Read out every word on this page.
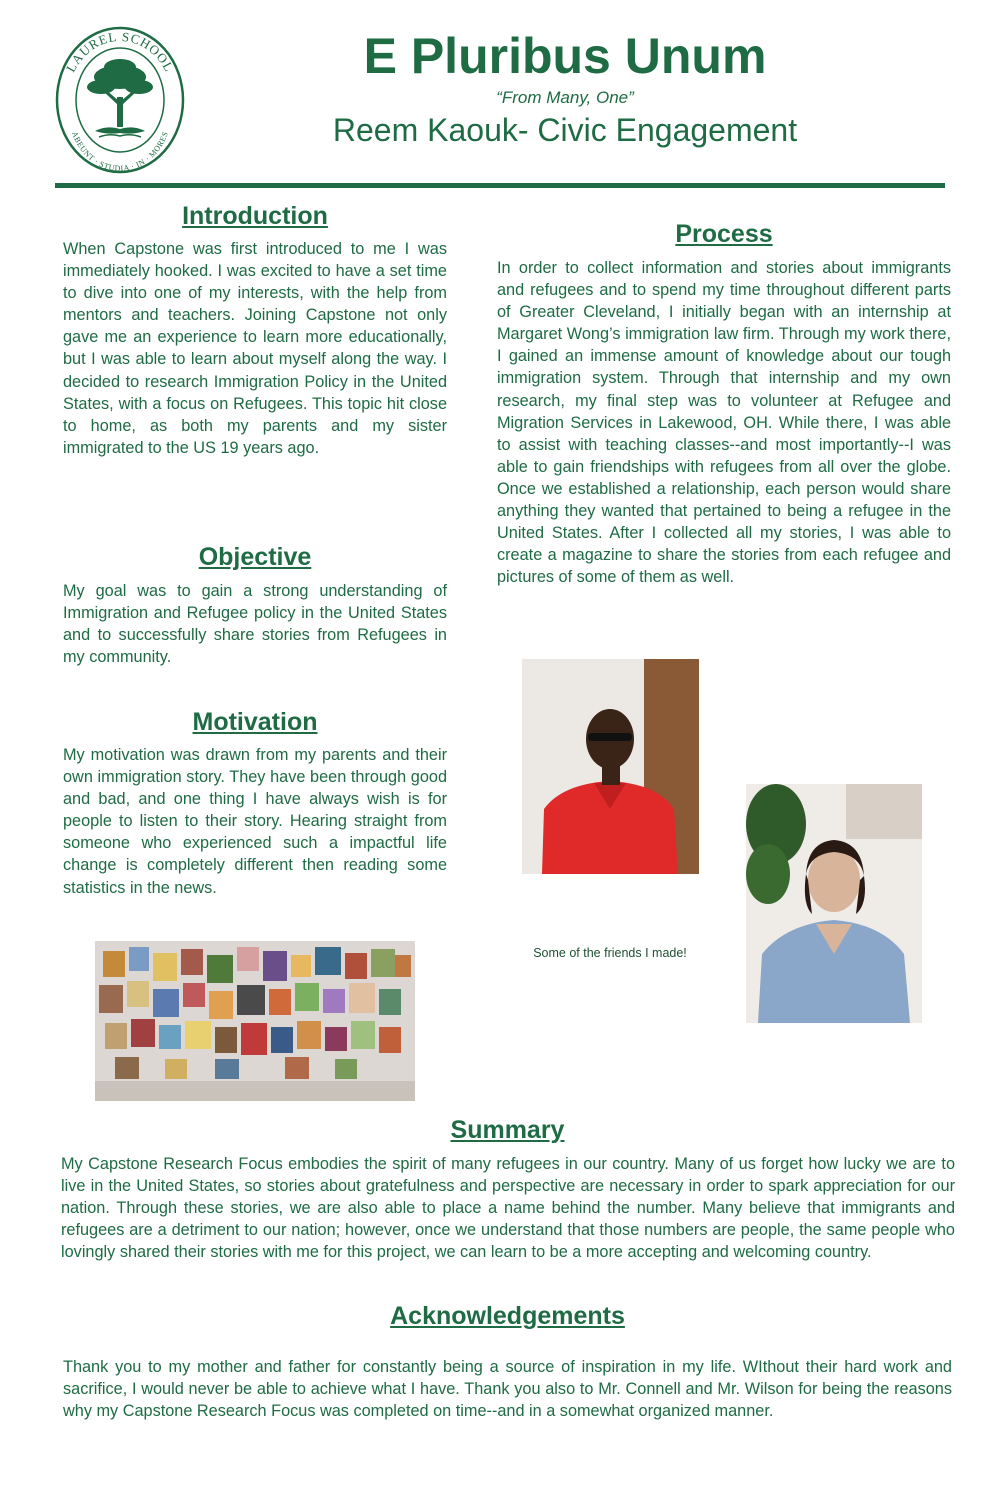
LAUREL SCHOOL
ABEUNT · STUDIA · IN · MORES
E Pluribus Unum
“From Many, One”
Reem Kaouk- Civic Engagement
Introduction

When Capstone was first introduced to me I was immediately hooked. I was excited to have a set time to dive into one of my interests, with the help from mentors and teachers. Joining Capstone not only gave me an experience to learn more educationally, but I was able to learn about myself along the way. I decided to research Immigration Policy in the United States, with a focus on Refugees. This topic hit close to home, as both my parents and my sister immigrated to the US 19 years ago.

Objective

My goal was to gain a strong understanding of Immigration and Refugee policy in the United States and to successfully share stories from Refugees in my community.

Motivation

My motivation was drawn from my parents and their own immigration story. They have been through good and bad, and one thing I have always wish is for people to listen to their story. Hearing straight from someone who experienced such a impactful life change is completely different then reading some statistics in the news.

Process

In order to collect information and stories about immigrants and refugees and to spend my time throughout different parts of Greater Cleveland, I initially began with an internship at Margaret Wong’s immigration law firm. Through my work there, I gained an immense amount of knowledge about our tough immigration system. Through that internship and my own research, my final step was to volunteer at Refugee and Migration Services in Lakewood, OH. While there, I was able to assist with teaching classes--and most importantly--I was able to gain friendships with refugees from all over the globe. Once we established a relationship, each person would share anything they wanted that pertained to being a refugee in the United States. After I collected all my stories, I was able to create a magazine to share the stories from each refugee and pictures of some of them as well.

Some of the friends I made!
Summary

My Capstone Research Focus embodies the spirit of many refugees in our country. Many of us forget how lucky we are to live in the United States, so stories about gratefulness and perspective are necessary in order to spark appreciation for our nation. Through these stories, we are also able to place a name behind the number. Many believe that immigrants and refugees are a detriment to our nation; however, once we understand that those numbers are people, the same people who lovingly shared their stories with me for this project, we can learn to be a more accepting and welcoming country.

Acknowledgements

Thank you to my mother and father for constantly being a source of inspiration in my life. WIthout their hard work and sacrifice, I would never be able to achieve what I have. Thank you also to Mr. Connell and Mr. Wilson for being the reasons why my Capstone Research Focus was completed on time--and in a somewhat organized manner.
